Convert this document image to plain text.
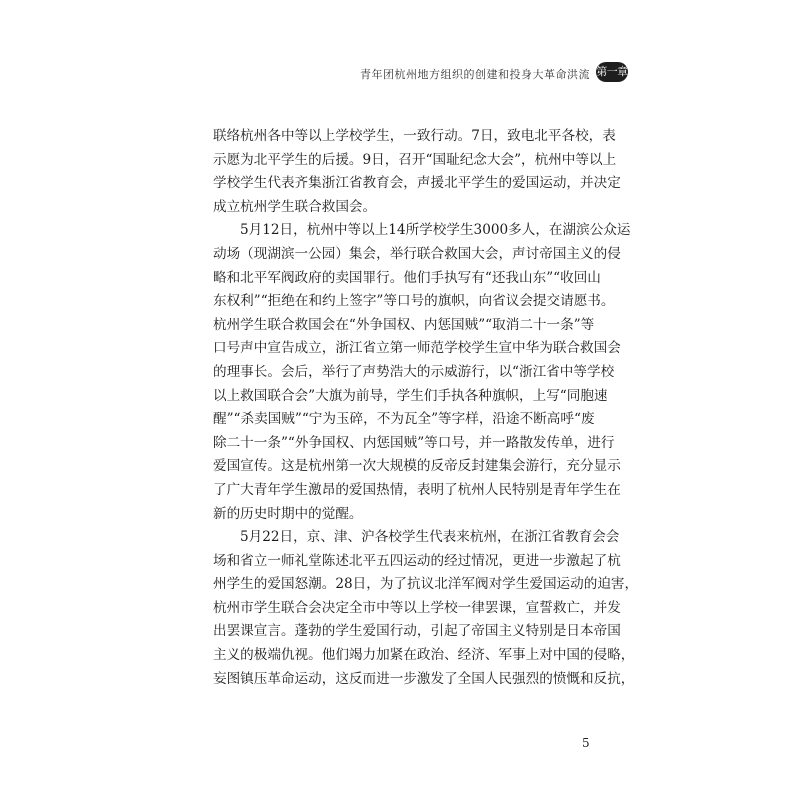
青年团杭州地方组织的创建和投身大革命洪流 第一章
联络杭州各中等以上学校学生，一致行动。7日，致电北平各校，表
示愿为北平学生的后援。9日，召开“国耻纪念大会”，杭州中等以上
学校学生代表齐集浙江省教育会，声援北平学生的爱国运动，并决定
成立杭州学生联合救国会。
5月12日，杭州中等以上14所学校学生3000多人，在湖滨公众运
动场（现湖滨一公园）集会，举行联合救国大会，声讨帝国主义的侵
略和北平军阀政府的卖国罪行。他们手执写有“还我山东”“收回山
东权利”“拒绝在和约上签字”等口号的旗帜，向省议会提交请愿书。
杭州学生联合救国会在“外争国权、内惩国贼”“取消二十一条”等
口号声中宣告成立，浙江省立第一师范学校学生宣中华为联合救国会
的理事长。会后，举行了声势浩大的示威游行，以“浙江省中等学校
以上救国联合会”大旗为前导，学生们手执各种旗帜，上写“同胞速
醒”“杀卖国贼”“宁为玉碎，不为瓦全”等字样，沿途不断高呼“废
除二十一条”“外争国权、内惩国贼”等口号，并一路散发传单，进行
爱国宣传。这是杭州第一次大规模的反帝反封建集会游行，充分显示
了广大青年学生激昂的爱国热情，表明了杭州人民特别是青年学生在
新的历史时期中的觉醒。
5月22日，京、津、沪各校学生代表来杭州，在浙江省教育会会
场和省立一师礼堂陈述北平五四运动的经过情况，更进一步激起了杭
州学生的爱国怒潮。28日，为了抗议北洋军阀对学生爱国运动的迫害，
杭州市学生联合会决定全市中等以上学校一律罢课，宣誓救亡，并发
出罢课宣言。蓬勃的学生爱国行动，引起了帝国主义特别是日本帝国
主义的极端仇视。他们竭力加紧在政治、经济、军事上对中国的侵略，
妄图镇压革命运动，这反而进一步激发了全国人民强烈的愤慨和反抗，
5
